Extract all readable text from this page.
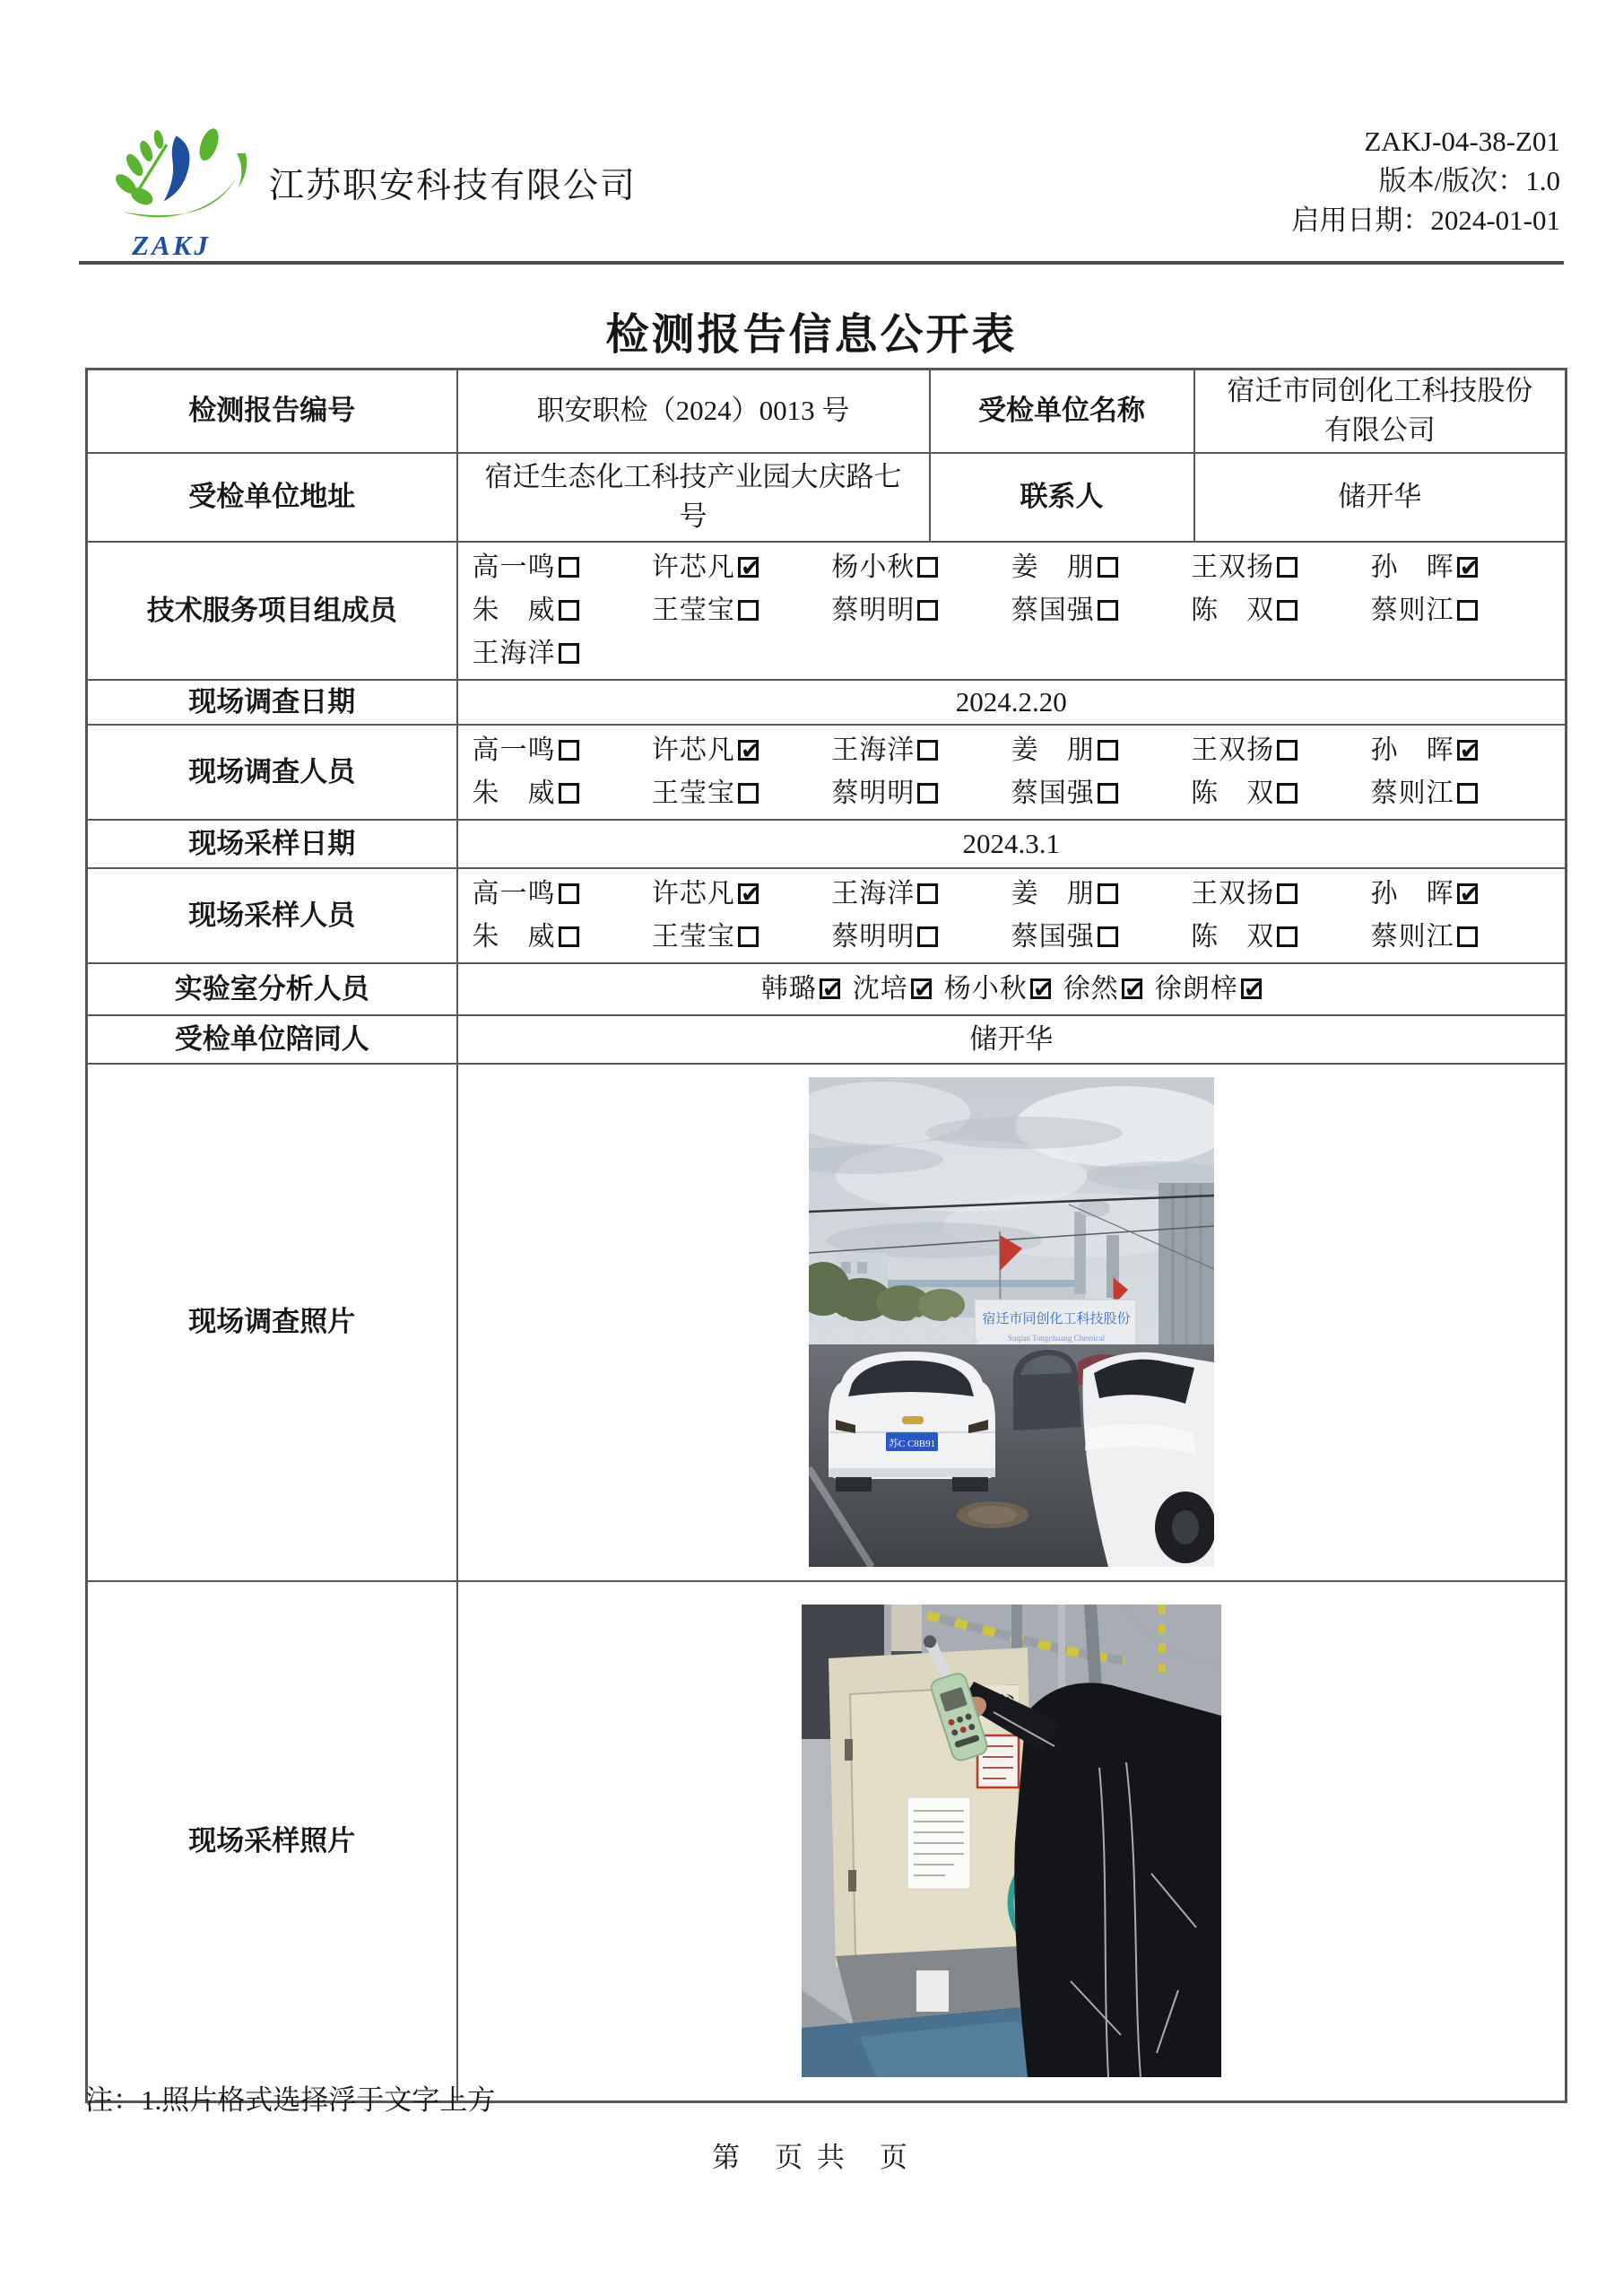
ZAKJ
江苏职安科技有限公司
ZAKJ-04-38-Z01
版本/版次：1.0
启用日期：2024-01-01
检测报告信息公开表
检测报告编号	职安职检（2024）0013 号	受检单位名称	宿迁市同创化工科技股份有限公司
受检单位地址	宿迁生态化工科技产业园大庆路七号	联系人	储开华
技术服务项目组成员	
高一鸣	许芯凡 ✔	杨小秋	姜　朋	王双扬	孙　晖 ✔
朱　威	王莹宝	蔡明明	蔡国强	陈　双	蔡则江
王海洋

现场调查日期	2024.2.20		
现场调查人员	
高一鸣	许芯凡 ✔	王海洋	姜　朋	王双扬	孙　晖 ✔
朱　威	王莹宝	蔡明明	蔡国强	陈　双	蔡则江

现场采样日期	2024.3.1		
现场采样人员	
高一鸣	许芯凡 ✔	王海洋	姜　朋	王双扬	孙　晖 ✔
朱　威	王莹宝	蔡明明	蔡国强	陈　双	蔡则江

实验室分析人员	韩璐 ✔ 沈培 ✔ 杨小秋 ✔ 徐然 ✔ 徐朗梓 ✔

受检单位陪同人	储开华		
现场调查照片	宿迁市同创化工科技股份
Suqian Tongchuang Chemical
苏C C8B91		

现场采样照片	
注：1.照片格式选择浮于文字上方
第　页 共　页
